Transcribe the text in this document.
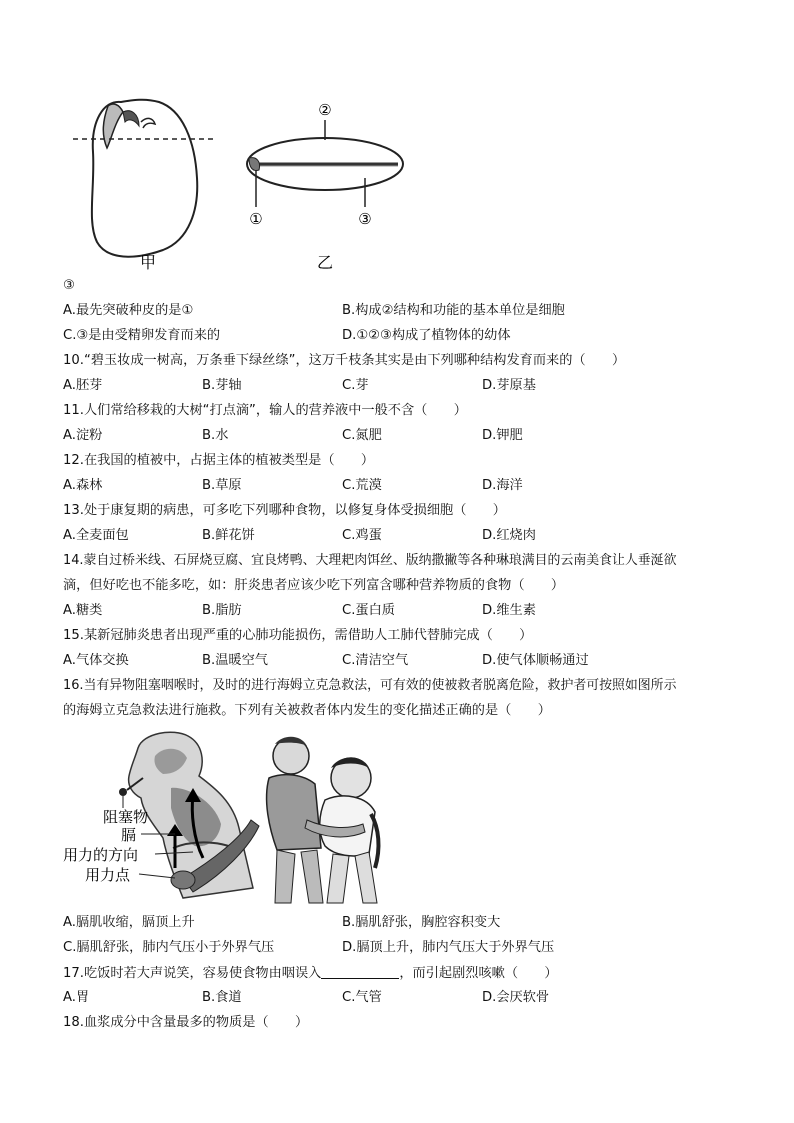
甲
②
①	③
乙
③
A.最先突破种皮的是①	B.构成②结构和功能的基本单位是细胞
C.③是由受精卵发育而来的	D.①②③构成了植物体的幼体
10.“碧玉妆成一树高，万条垂下绿丝绦”，这万千枝条其实是由下列哪种结构发育而来的（　　）
A.胚芽	B.芽轴	C.芽	D.芽原基
11.人们常给移栽的大树“打点滴”，输人的营养液中一般不含（　　）
A.淀粉	B.水	C.氮肥	D.钾肥
12.在我国的植被中，占据主体的植被类型是（　　）
A.森林	B.草原	C.荒漠	D.海洋
13.处于康复期的病患，可多吃下列哪种食物，以修复身体受损细胞（　　）
A.全麦面包	B.鲜花饼	C.鸡蛋	D.红烧肉
14.蒙自过桥米线、石屏烧豆腐、宜良烤鸭、大理耙肉饵丝、版纳撒撇等各种琳琅满目的云南美食让人垂涎欲
滴，但好吃也不能多吃，如：肝炎患者应该少吃下列富含哪种营养物质的食物（　　）
A.糖类	B.脂肪	C.蛋白质	D.维生素
15.某新冠肺炎患者出现严重的心肺功能损伤，需借助人工肺代替肺完成（　　）
A.气体交换	B.温暖空气	C.清洁空气	D.使气体顺畅通过
16.当有异物阻塞咽喉时，及时的进行海姆立克急救法，可有效的使被救者脱离危险，救护者可按照如图所示
的海姆立克急救法进行施救。下列有关被救者体内发生的变化描述正确的是（　　）
阻塞物
膈
用力的方向
用力点
A.膈肌收缩，膈顶上升	B.膈肌舒张，胸腔容积变大
C.膈肌舒张，肺内气压小于外界气压	D.膈顶上升，肺内气压大于外界气压
17.吃饭时若大声说笑，容易使食物由咽误入	，而引起剧烈咳嗽（　　）
A.胃	B.食道	C.气管	D.会厌软骨
18.血浆成分中含量最多的物质是（　　）
